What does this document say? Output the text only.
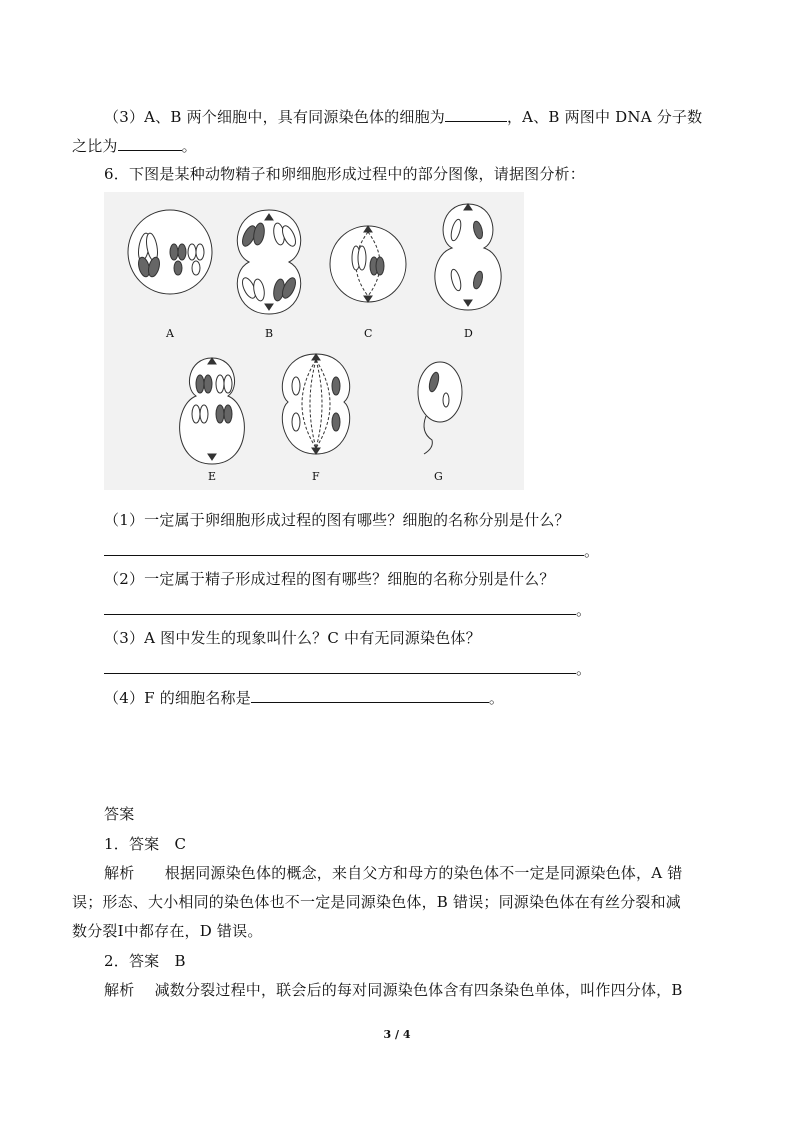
（3）A、B 两个细胞中，具有同源染色体的细胞为	，A、B 两图中 DNA 分子数
之比为	。
6．下图是某种动物精子和卵细胞形成过程中的部分图像，请据图分析：
A	B	C	D
E	F	G
（1）一定属于卵细胞形成过程的图有哪些？细胞的名称分别是什么？
。
（2）一定属于精子形成过程的图有哪些？细胞的名称分别是什么？
。
（3）A 图中发生的现象叫什么？C 中有无同源染色体？
。
（4）F 的细胞名称是	。
答案
1．答案　C
解析　　根据同源染色体的概念，来自父方和母方的染色体不一定是同源染色体，A 错
误；形态、大小相同的染色体也不一定是同源染色体，B 错误；同源染色体在有丝分裂和减
数分裂Ⅰ中都存在，D 错误。
2．答案　B
解析　 减数分裂过程中，联会后的每对同源染色体含有四条染色单体，叫作四分体，B
3 / 4
